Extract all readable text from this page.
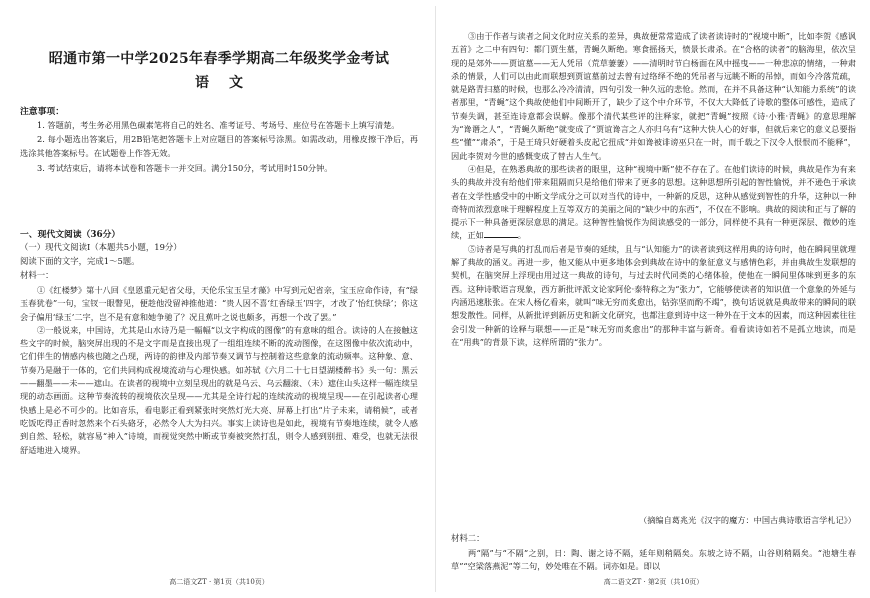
昭通市第一中学2025年春季学期高二年级奖学金考试

语文

注意事项：

1. 答题前，考生务必用黑色碳素笔将自己的姓名、准考证号、考场号、座位号在答题卡上填写清楚。

2. 每小题选出答案后，用2B铅笔把答题卡上对应题目的答案标号涂黑。如需改动，用橡皮擦干净后，再选涂其他答案标号。在试题卷上作答无效。

3. 考试结束后，请将本试卷和答题卡一并交回。满分150分，考试用时150分钟。

一、现代文阅读（36分）

（一）现代文阅读Ⅰ（本题共5小题，19分）

阅读下面的文字，完成1～5题。

材料一：

①《红楼梦》第十八回《皇恩重元妃省父母，天伦乐宝玉呈才藻》中写到元妃省亲，宝玉应命作诗，有“绿玉春犹卷”一句，宝钗一眼瞥见，便趁他没留神推他道：“贵人因不喜‘红香绿玉’四字，才改了‘怡红快绿’；你这会子偏用‘绿玉’二字，岂不是有意和她争驰了？况且蕉叶之说也颇多，再想一个改了罢。”

②一般说来，中国诗，尤其是山水诗乃是一幅幅“以文字构成的图像”的有意味的组合。读诗的人在接触这些文字的时候，脑突屏出现的不是文字而是直接出现了一组组连续不断的流动图像，在这图像中依次流动中，它们伴生的情感内核也随之凸现，两诗的韵律及内部节奏又调节与控制着这些意象的流动频率。这种象、意、节奏乃是融于一体的，它们共同构成视境流动与心理快感。如苏轼《六月二十七日望湖楼醉书》头一句：黑云——翻墨——未——遮山。在读者的视境中立刻呈现出的就是乌云、乌云翻滚、（未）遮住山头这样一幅连续呈现的动态画面。这种节奏流转的视境依次呈现——尤其是全诗行起的连续流动的视境呈现——在引起读者心理快感上是必不可少的。比如音乐，看电影正看到紧张时突然灯光大亮、屏幕上打出“片子未来，请稍候”，或者吃饭吃得正香时忽然来个石头硌牙，必然令人大为扫兴。事实上读诗也是如此，视境有节奏地连续，就令人感到自然、轻松，就容易“神入”诗境，而视觉突然中断或节奏被突然打乱，则令人感到别扭、难受，也就无法很舒适地进入境界。

高二语文ZT · 第1页（共10页）

③由于作者与读者之间文化时应关系的差异，典故便常常造成了读者读诗时的“视境中断”，比如李贺《感讽五首》之二中有四句：都门贾生墓，青蝇久断绝。寒食摇扬天，愤景长肃杀。在“合格的读者”的脑海里，依次呈现的是郊外——贾谊墓——无人凭吊（荒草萋萋）——清明时节白杨面在风中摇曳——一种悲凉的情绪，一种肃杀的情景，人们可以由此而联想到贾谊墓前过去曾有过络绎不绝的凭吊者与远眺不断的吊悼，而如今冷落荒疏，就是路青扫墓的时候，也那么冷冷清清，四句引发一种久远的悲怆。然而，在并不具备这种“认知能力系统”的读者那里，“青蝇”这个典故使他们中间断开了，缺少了这个中介环节，不仅大大降低了诗歌的整体可感性，造成了节奏失调，甚至连诗意都会误解。像那个清代某些评的注释家，就把“青蝇”按照《诗·小雅·青蝇》的意思理解为“谗谮之人”，“青蝇久断绝”就变成了“贾谊谗言之人亦归乌有”这种大快人心的好事，但就后来它的意义总要指些“懂”“肃杀”，于是王琦只好硬着头皮起它扭成“并如谗被诽谤巫只在一时，而千载之下汉令人恨恨而不能释”，因此李贺对今世的感慨变成了替古人生气。

④但是，在熟悉典故的那些读者的眼里，这种“视境中断”使不存在了。在他们读诗的时候，典故是作为有来头的典故并没有给他们带来阻隔而只是给他们带来了更多的思想。这种思想所引起的智性愉悦，并不逊色于承读者在文学性感受中的中断文学成分之可以对当代的诗中，一种新的反思，这种从感觉到智性的升华，这种以一种奇特而浓烈意味于理解程度上互等双方的美丽之间的“缺少中的东西”，不仅在不影响。典故的阅读和正与了解的提示下一种具备更深层意思的满足。这种智性愉悦作为阅读感受的一部分，同样使不具有一种更深层、微妙的连续，正如	。

⑤诗者是写典的打乱而后者是节奏的延续，且与“认知能力”的读者读到这样用典的诗句时，他在瞬间里就理解了典故的涵义。再进一步，他又能从中更多地体会到典故在诗中的象征意义与感情色彩，并由典故生发联想的契机，在脑突屏上浮现由用过这一典故的诗句，与过去时代同类的心绪体验，使他在一瞬间里体味到更多的东西。这种诗歌语言现象，西方新批评派文论家阿伦·泰特称之为“张力”，它能够使读者的知识值一个意象的外延与内涵迅速胀张。在宋人杨亿看来，就叫“味无穷而炙愈出，钻弥坚而酌不竭”，换句话说就是典故带来的瞬间的联想发散性。同样，从新批评到新历史和新文化研究，也都注意到诗中这一种外在于文本的因素，而这种因素往往会引发一种新的诠释与联想——正是“味无穷而炙愈出”的那种丰富与新奇。看看读诗如若不是孤立地读，而是在“用典”的背景下读，这样所谓的“张力”。

（摘编自葛兆光《汉字的魔方：中国古典诗歌语言学札记》）

材料二：

两“隔”与“不隔”之别，日：陶、谢之诗不隔，延年则稍隔矣。东坡之诗不隔，山谷则稍隔矣。“池塘生春草”“空梁落燕泥”等二句，妙处唯在不隔。词亦如是。即以

高二语文ZT · 第2页（共10页）
